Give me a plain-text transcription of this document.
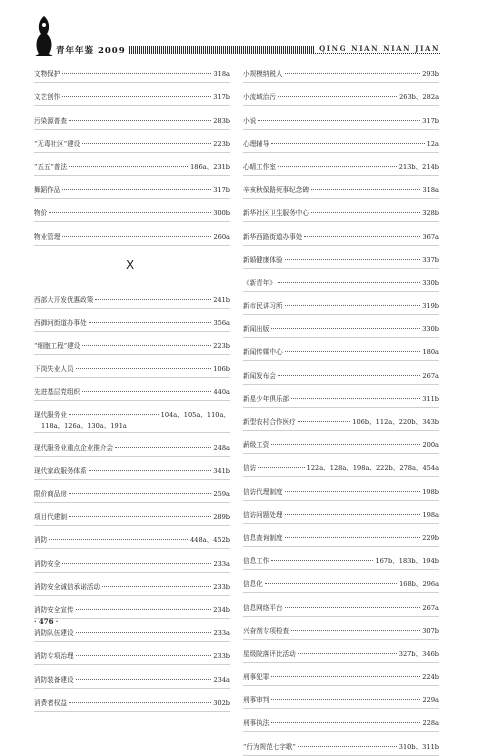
青年年鉴 2009	QING NIAN NIAN JIAN
文物保护	318a
文艺创作	317b
污染源普查	283b
“无毒社区”建设	223b
“五五”普法	186a、231b
舞蹈作品	317b
物价	300b
物业管理	260a
X
西部大开发优惠政策	241b
西御河街道办事处	356a
“细胞工程”建设	223b
下岗失业人员	106b
先进基层党组织	440a
现代服务业	104a、105a、110a、
118a、126a、130a、191a
现代服务业重点企业推介会	248a
现代家政服务体系	341b
限价商品房	259a
项目代建制	289b
消防	448a、452b
消防安全	233a
消防安全诚信承诺活动	233b
消防安全宣传	234b
消防队伍建设	233a
消防专项治理	233b
消防装备建设	234a
消费者权益	302b
小规模纳税人	293b
小流域治污	263b、282a
小说	317b
心理辅导	12a
心晴工作室	213b、214b
辛亥秋保路死事纪念碑	318a
新华社区卫生服务中心	328b
新华西路街道办事处	367a
新婚健康体验	337b
《新青年》	330b
新市民讲习所	319b
新闻出版	330b
新闻传媒中心	180a
新闻发布会	267a
新星少年俱乐部	311b
新型农村合作医疗	106b、112a、220b、343b
薪级工资	200a
信访	122a、128a、198a、222b、278a、454a
信访代理制度	198b
信访问题处理	198a
信息查询制度	229b
信息工作	167b、183b、194b
信息化	168b、296a
信息网络平台	267a
兴奋剂专项检查	307b
星级院落评比活动	327b、346b
刑事犯罪	224b
刑事审判	229a
刑事执法	228a
“行为规范七字歌”	310b、311b
· 476 ·
